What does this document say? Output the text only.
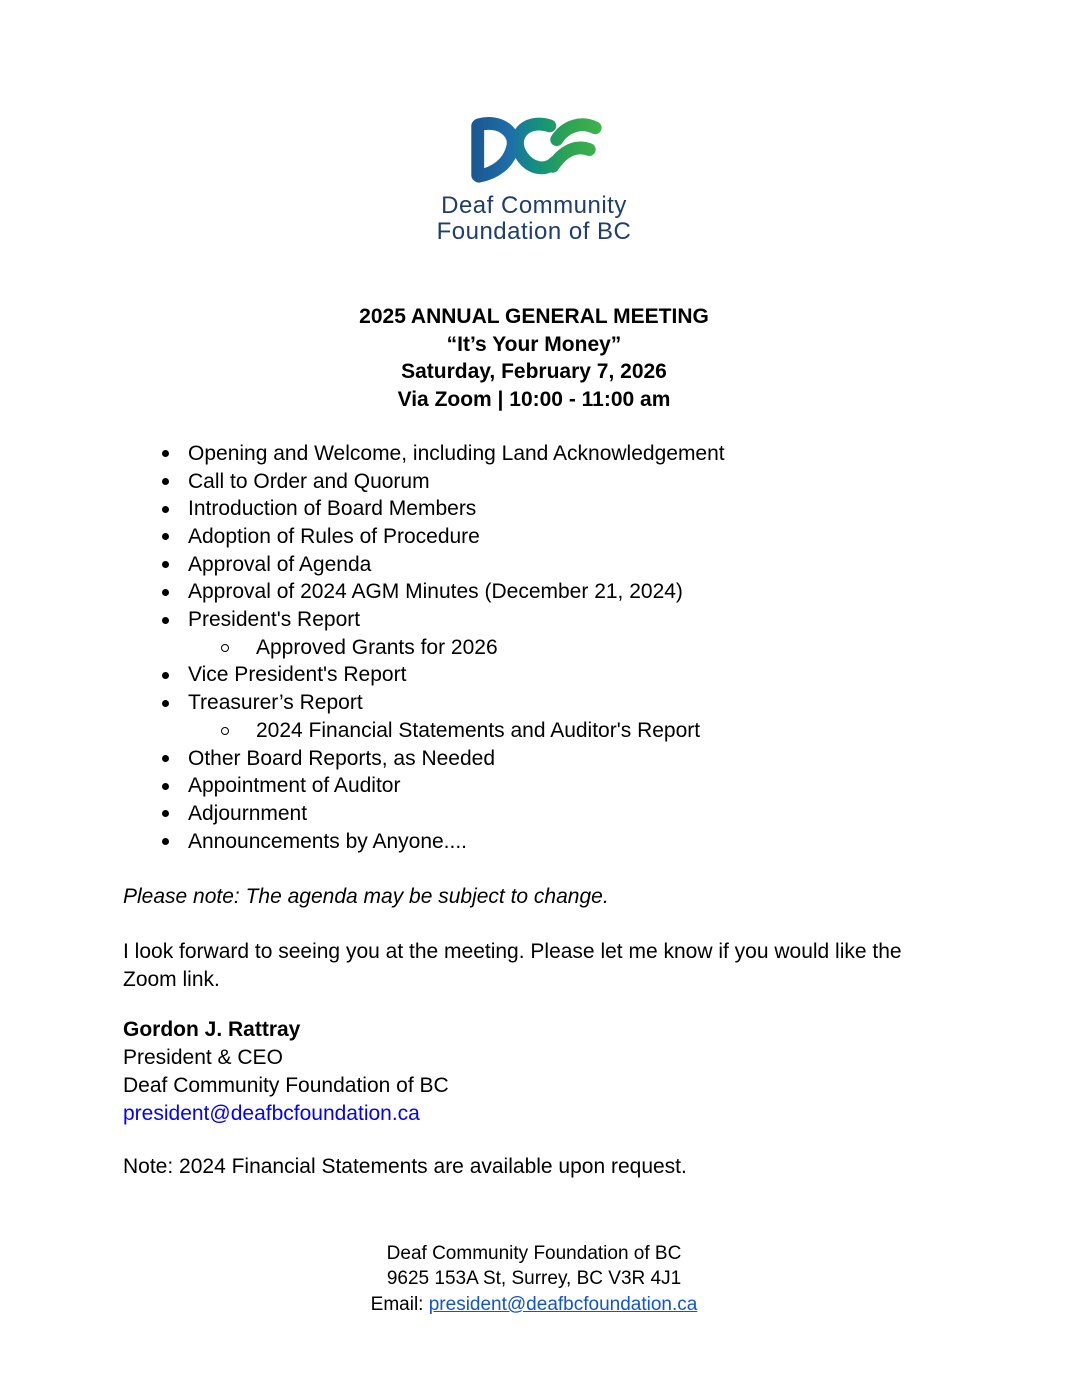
Deaf Community
Foundation of BC
2025 ANNUAL GENERAL MEETING
“It’s Your Money”
Saturday, February 7, 2026
Via Zoom | 10:00 - 11:00 am
Opening and Welcome, including Land Acknowledgement
Call to Order and Quorum
Introduction of Board Members
Adoption of Rules of Procedure
Approval of Agenda
Approval of 2024 AGM Minutes (December 21, 2024)
President's Report
Approved Grants for 2026
Vice President's Report
Treasurer’s Report
2024 Financial Statements and Auditor's Report
Other Board Reports, as Needed
Appointment of Auditor
Adjournment
Announcements by Anyone....

Please note: The agenda may be subject to change.

I look forward to seeing you at the meeting. Please let me know if you would like the
Zoom link.

Gordon J. Rattray
President & CEO
Deaf Community Foundation of BC
president@deafbcfoundation.ca

Note: 2024 Financial Statements are available upon request.

Deaf Community Foundation of BC
9625 153A St, Surrey, BC V3R 4J1
Email: president@deafbcfoundation.ca
